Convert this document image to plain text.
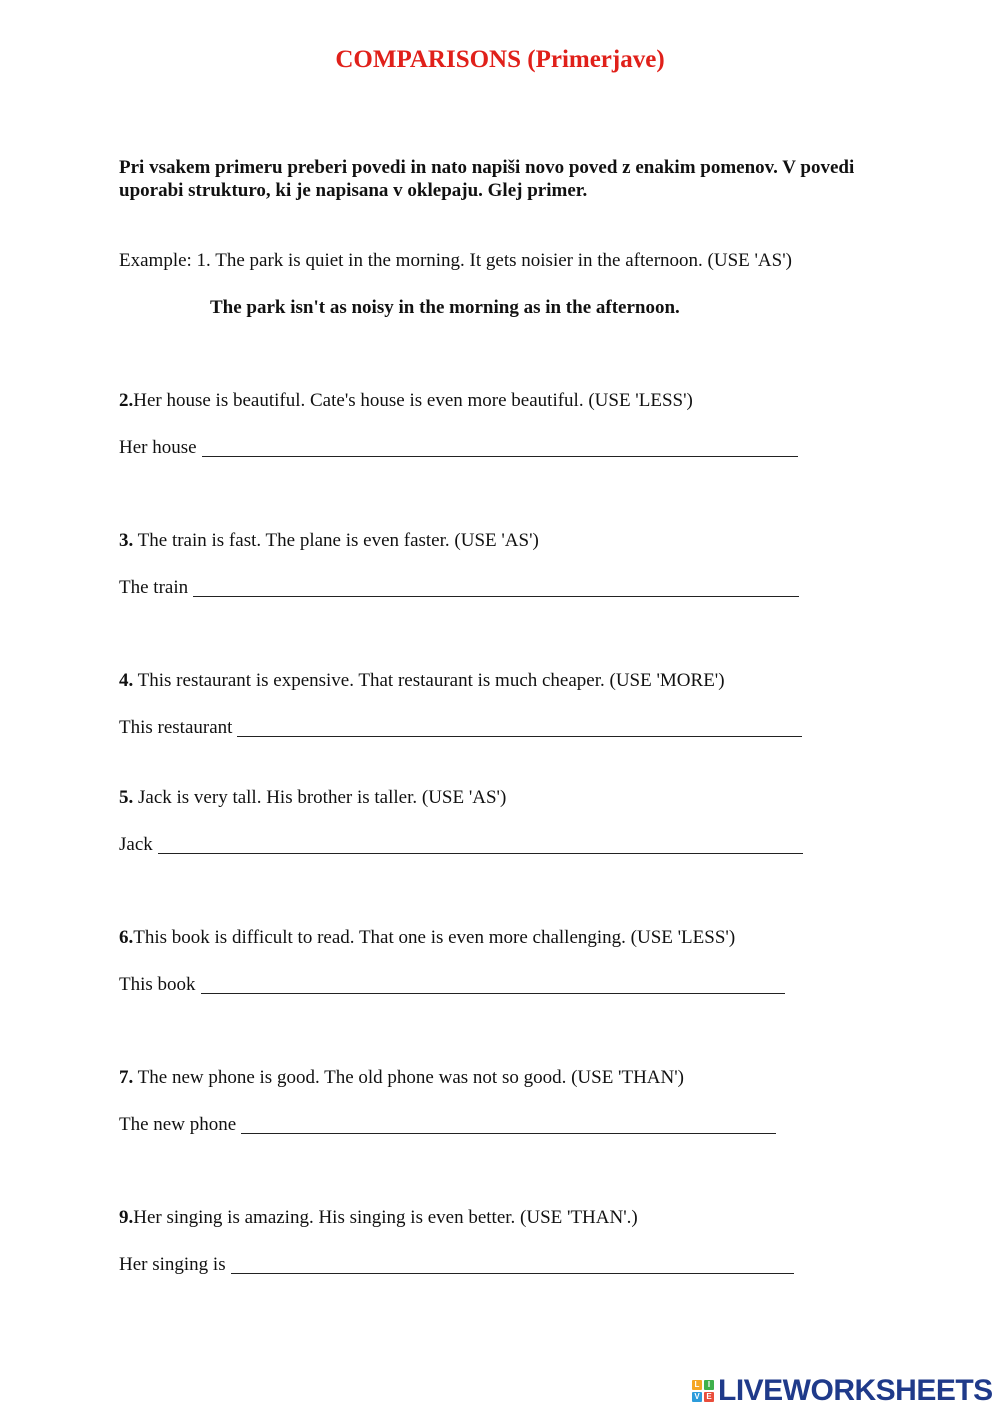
COMPARISONS (Primerjave)

Pri vsakem primeru preberi povedi in nato napiši novo poved z enakim pomenov. V povedi uporabi strukturo, ki je napisana v oklepaju. Glej primer.

Example: 1. The park is quiet in the morning. It gets noisier in the afternoon. (USE 'AS')

The park isn't as noisy in the morning as in the afternoon.

2.Her house is beautiful. Cate's house is even more beautiful. (USE 'LESS')

Her house

3. The train is fast. The plane is even faster. (USE 'AS')

The train

4. This restaurant is expensive. That restaurant is much cheaper. (USE 'MORE')

This restaurant

5. Jack is very tall. His brother is taller. (USE 'AS')

Jack

6.This book is difficult to read. That one is even more challenging. (USE 'LESS')

This book

7. The new phone is good. The old phone was not so good. (USE 'THAN')

The new phone

9.Her singing is amazing. His singing is even better. (USE 'THAN'.)

Her singing is
L	I
V E LIVEWORKSHEETS
